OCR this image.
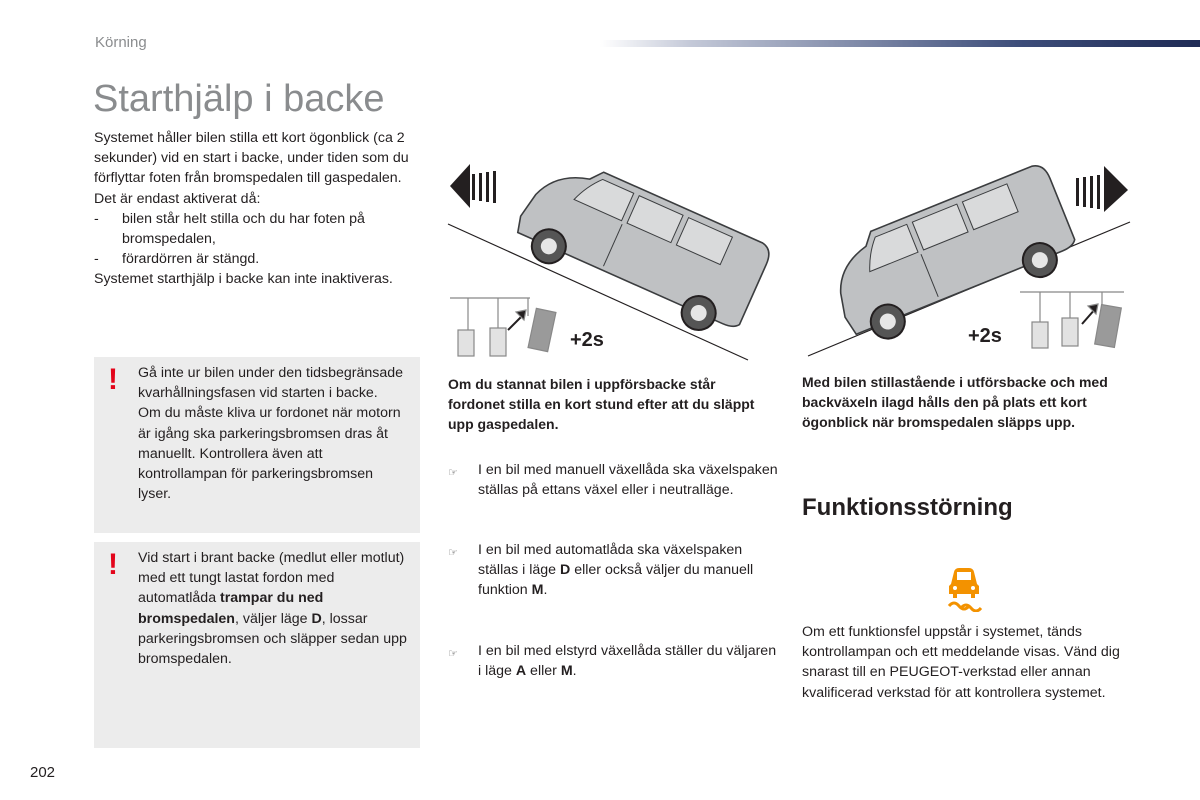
Körning
Starthjälp i backe
Systemet håller bilen stilla ett kort ögonblick (ca 2 sekunder) vid en start i backe, under tiden som du förflyttar foten från bromspedalen till gaspedalen.
Det är endast aktiverat då:
-	bilen står helt stilla och du har foten på bromspedalen,
-	förardörren är stängd.
Systemet starthjälp i backe kan inte inaktiveras.
! Gå inte ur bilen under den tidsbegränsade kvarhållningsfasen vid starten i backe.
Om du måste kliva ur fordonet när motorn är igång ska parkeringsbromsen dras åt manuellt. Kontrollera även att kontrollampan för parkeringsbromsen lyser.
! Vid start i brant backe (medlut eller motlut) med ett tungt lastat fordon med automatlåda trampar du ned bromspedalen, väljer läge D, lossar parkeringsbromsen och släpper sedan upp bromspedalen.
+2s	+2s
Om du stannat bilen i uppförsbacke står fordonet stilla en kort stund efter att du släppt upp gaspedalen.
Med bilen stillastående i utförsbacke och med backväxeln ilagd hålls den på plats ett kort ögonblick när bromspedalen släpps upp.
☞	I en bil med manuell växellåda ska växelspaken ställas på ettans växel eller i neutralläge.
☞	I en bil med automatlåda ska växelspaken ställas i läge D eller också väljer du manuell funktion M.
☞	I en bil med elstyrd växellåda ställer du väljaren i läge A eller M.
Funktionsstörning
Om ett funktionsfel uppstår i systemet, tänds kontrollampan och ett meddelande visas. Vänd dig snarast till en PEUGEOT-verkstad eller annan kvalificerad verkstad för att kontrollera systemet.
202
